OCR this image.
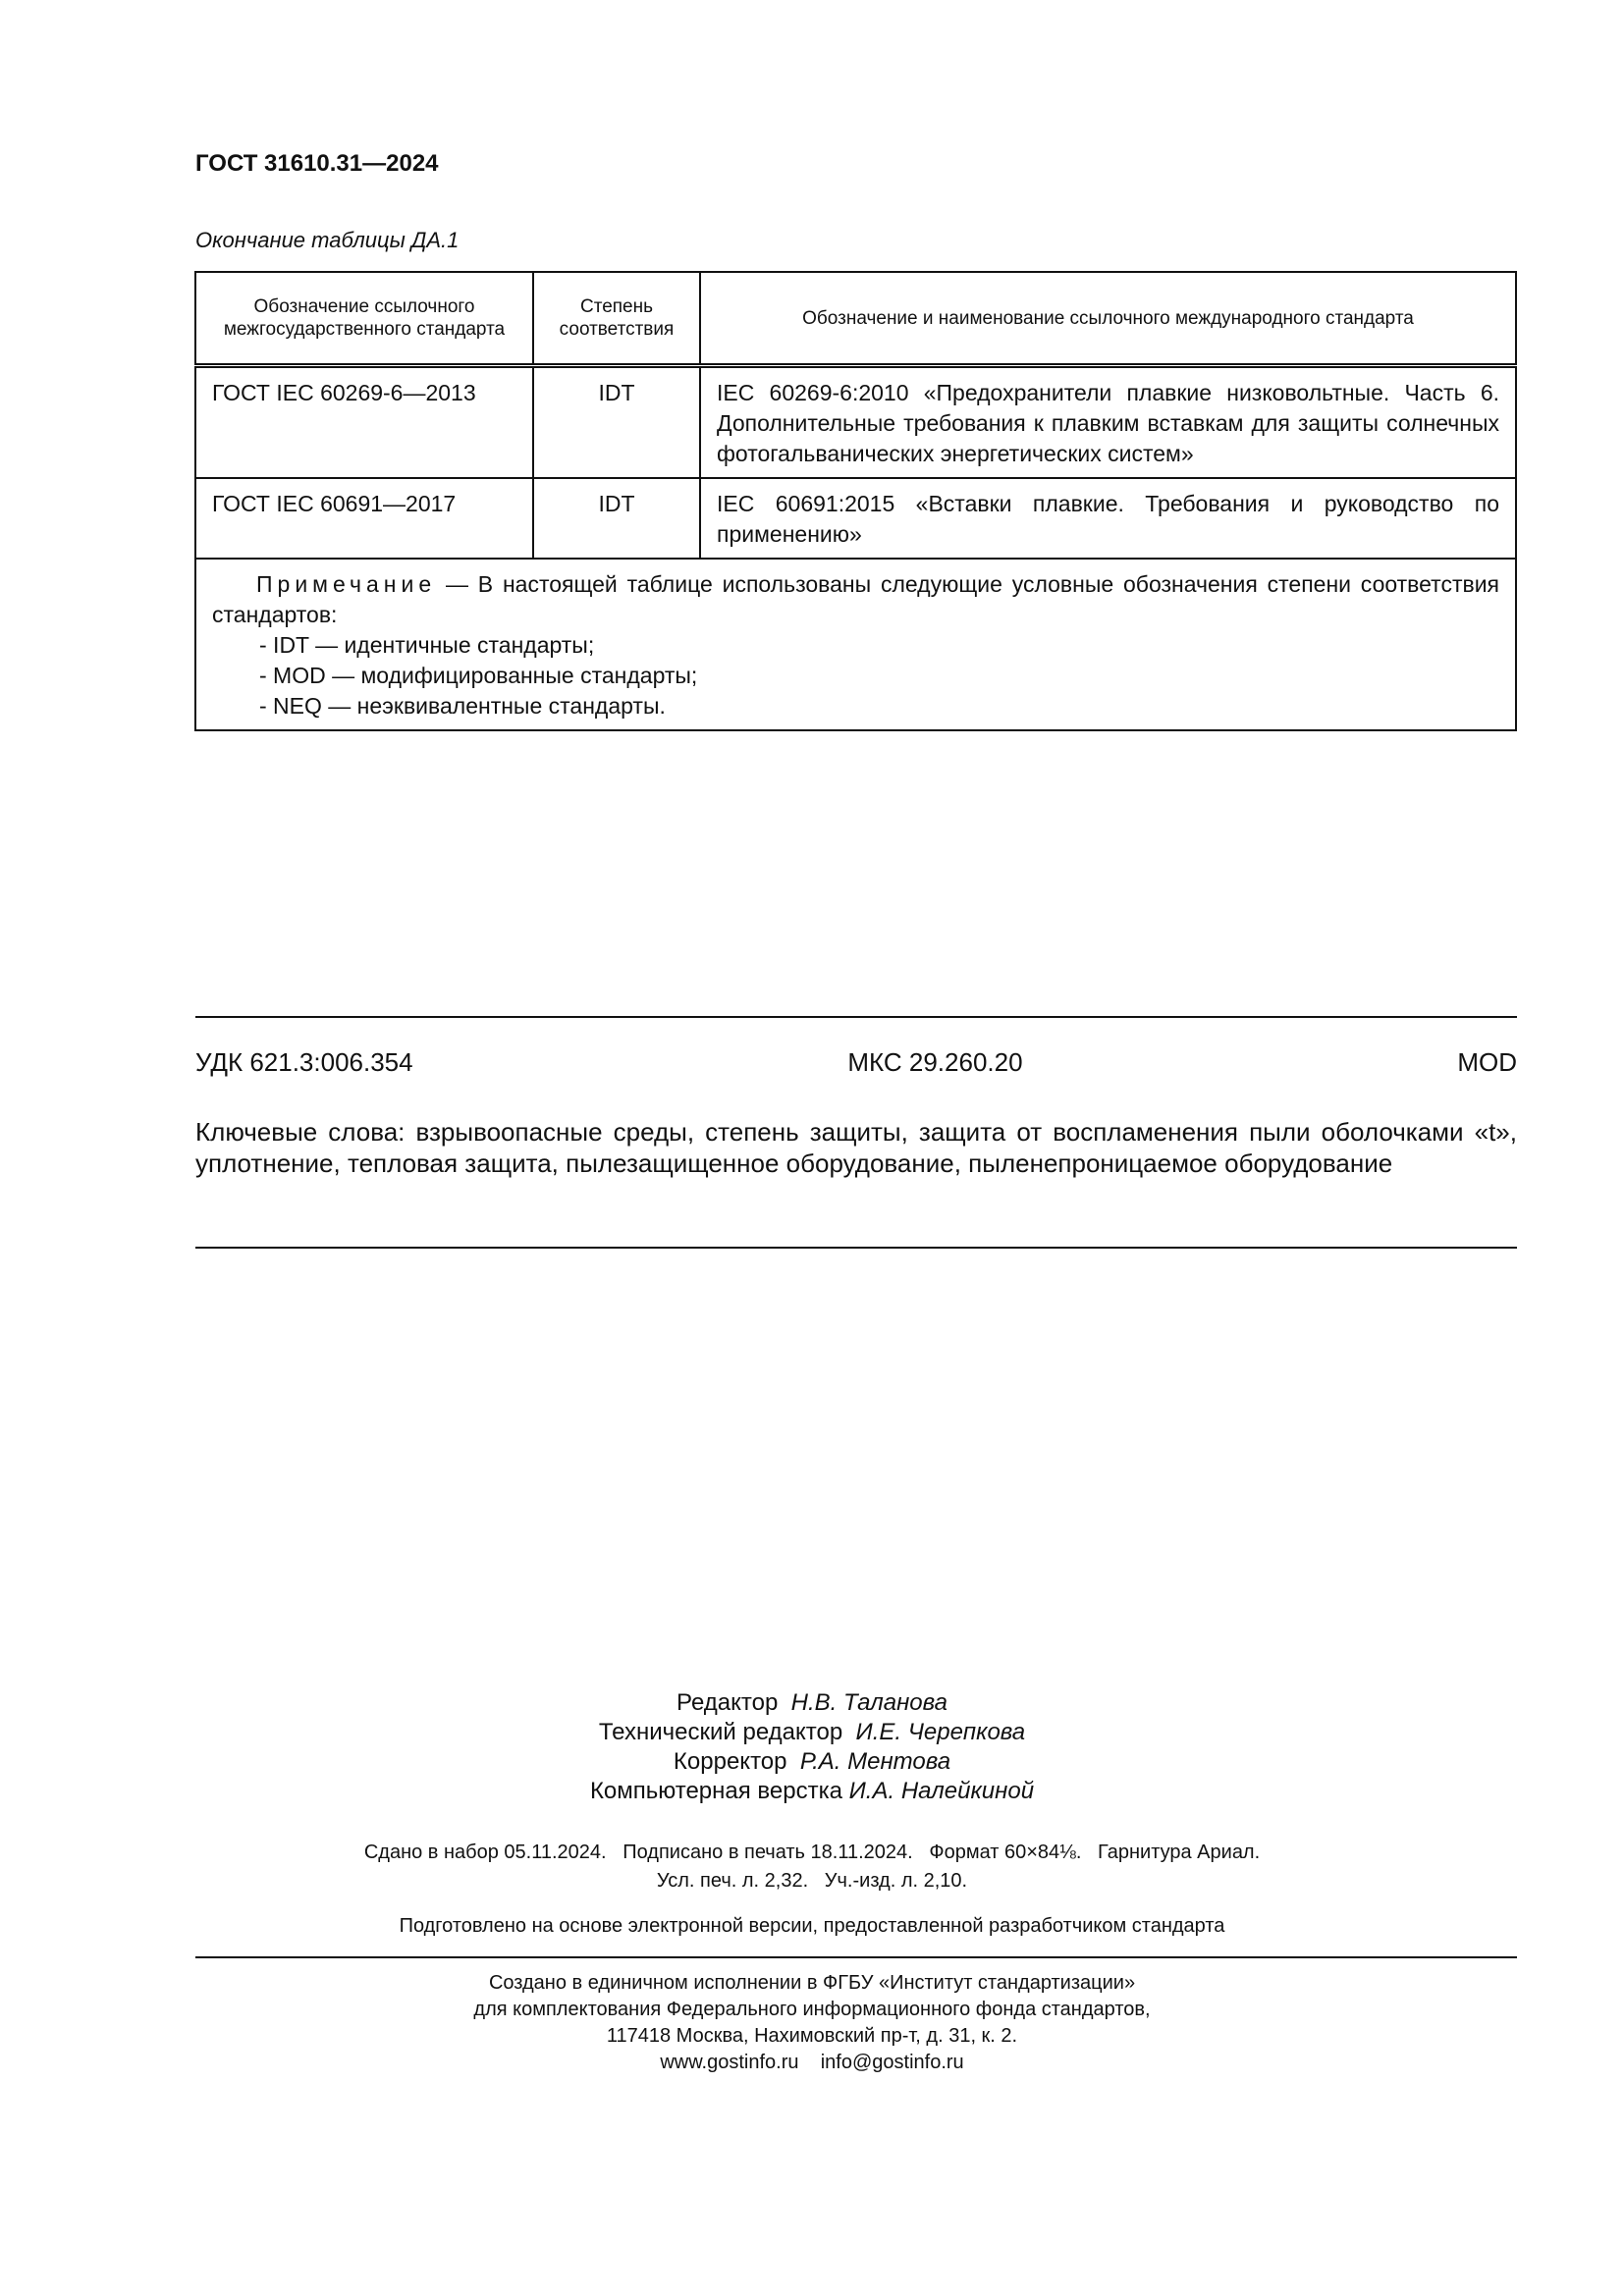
ГОСТ 31610.31—2024
Окончание таблицы ДА.1
Обозначение ссылочного межгосударственного стандарта	Степень соответствия	Обозначение и наименование ссылочного международного стандарта
ГОСТ IEC 60269-6—2013	IDT	IEC 60269-6:2010 «Предохранители плавкие низковольтные. Часть 6. Дополнительные требования к плавким вставкам для защиты солнечных фотогальванических энергетических систем»
ГОСТ IEC 60691—2017	IDT	IEC 60691:2015 «Вставки плавкие. Требования и руководство по применению»

Примечание — В настоящей таблице использованы следующие условные обозначения степени соответствия стандартов:
- IDT — идентичные стандарты;
- MOD — модифицированные стандарты;
- NEQ — неэквивалентные стандарты.		
УДК 621.3:006.354	МКС 29.260.20	MOD
Ключевые слова: взрывоопасные среды, степень защиты, защита от воспламенения пыли оболочками «t», уплотнение, тепловая защита, пылезащищенное оборудование, пыленепроницаемое оборудование
Редактор Н.В. Таланова
Технический редактор И.Е. Черепкова
Корректор Р.А. Ментова
Компьютерная верстка И.А. Налейкиной
Сдано в набор 05.11.2024.   Подписано в печать 18.11.2024.   Формат 60×84⅛.   Гарнитура Ариал.
Усл. печ. л. 2,32.   Уч.-изд. л. 2,10.
Подготовлено на основе электронной версии, предоставленной разработчиком стандарта
Создано в единичном исполнении в ФГБУ «Институт стандартизации»
для комплектования Федерального информационного фонда стандартов,
117418 Москва, Нахимовский пр-т, д. 31, к. 2.
www.gostinfo.ru    info@gostinfo.ru
